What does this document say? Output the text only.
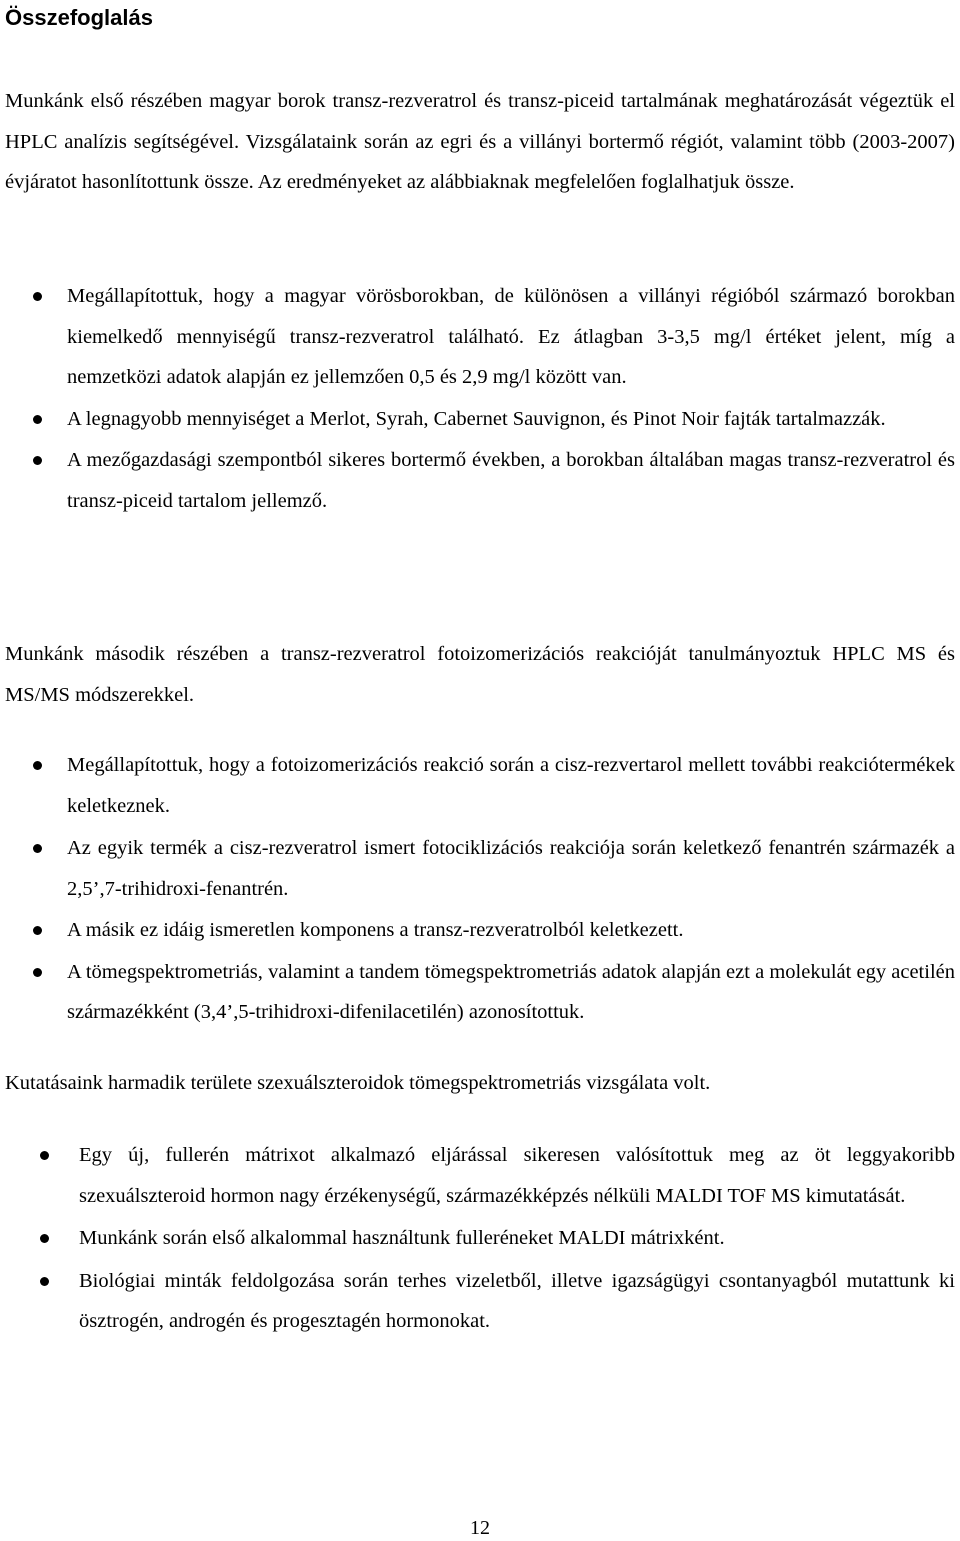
Összefoglalás

Munkánk első részében magyar borok transz-rezveratrol és transz-piceid tartalmának meghatározását végeztük el HPLC analízis segítségével. Vizsgálataink során az egri és a villányi bortermő régiót, valamint több (2003-2007) évjáratot hasonlítottunk össze. Az eredményeket az alábbiaknak megfelelően foglalhatjuk össze.

Megállapítottuk, hogy a magyar vörösborokban, de különösen a villányi régióból származó borokban kiemelkedő mennyiségű transz-rezveratrol található. Ez átlagban 3-3,5 mg/l értéket jelent, míg a nemzetközi adatok alapján ez jellemzően 0,5 és 2,9 mg/l között van.
A legnagyobb mennyiséget a Merlot, Syrah, Cabernet Sauvignon, és Pinot Noir fajták tartalmazzák.
A mezőgazdasági szempontból sikeres bortermő években, a borokban általában magas transz-rezveratrol és transz-piceid tartalom jellemző.

Munkánk második részében a transz-rezveratrol fotoizomerizációs reakcióját tanulmányoztuk HPLC MS és MS/MS módszerekkel.

Megállapítottuk, hogy a fotoizomerizációs reakció során a cisz-rezvertarol mellett további reakciótermékek keletkeznek.
Az egyik termék a cisz-rezveratrol ismert fotociklizációs reakciója során keletkező fenantrén származék a 2,5’,7-trihidroxi-fenantrén.
A másik ez idáig ismeretlen komponens a transz-rezveratrolból keletkezett.
A tömegspektrometriás, valamint a tandem tömegspektrometriás adatok alapján ezt a molekulát egy acetilén származékként (3,4’,5-trihidroxi-difenilacetilén) azonosítottuk.

Kutatásaink harmadik területe szexuálszteroidok tömegspektrometriás vizsgálata volt.

Egy új, fullerén mátrixot alkalmazó eljárással sikeresen valósítottuk meg az öt leggyakoribb szexuálszteroid hormon nagy érzékenységű, származékképzés nélküli MALDI TOF MS kimutatását.
Munkánk során első alkalommal használtunk fulleréneket MALDI mátrixként.
Biológiai minták feldolgozása során terhes vizeletből, illetve igazságügyi csontanyagból mutattunk ki ösztrogén, androgén és progesztagén hormonokat.
12
